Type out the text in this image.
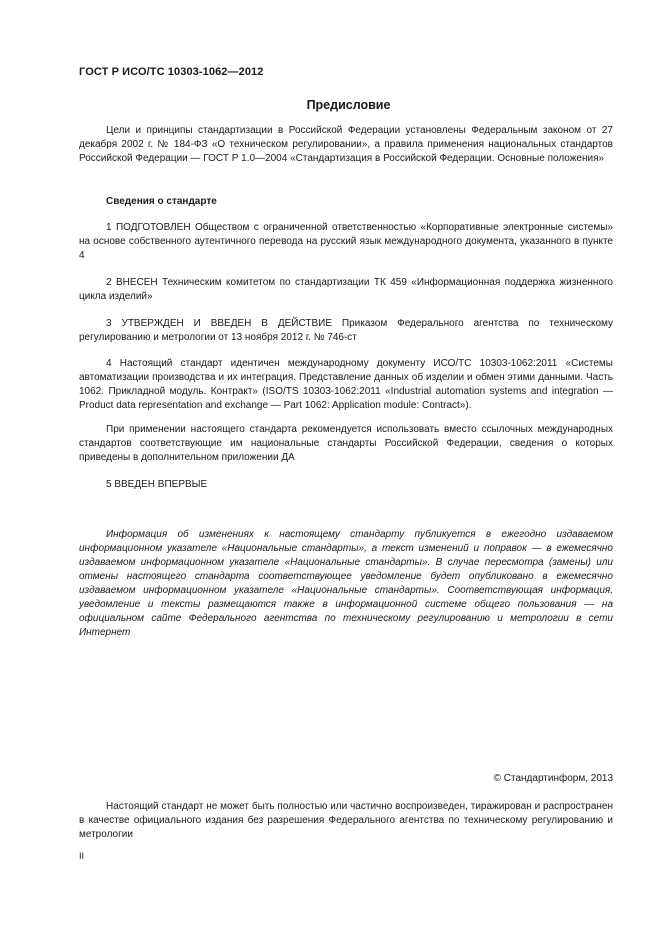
ГОСТ Р ИСО/ТС 10303-1062—2012
Предисловие

Цели и принципы стандартизации в Российской Федерации установлены Федеральным законом от 27 декабря 2002 г. № 184-ФЗ «О техническом регулировании», а правила применения национальных стандартов Российской Федерации — ГОСТ Р 1.0—2004 «Стандартизация в Российской Федерации. Основные положения»

Сведения о стандарте

1 ПОДГОТОВЛЕН Обществом с ограниченной ответственностью «Корпоративные электронные системы» на основе собственного аутентичного перевода на русский язык международного документа, указанного в пункте 4

2 ВНЕСЕН Техническим комитетом по стандартизации ТК 459 «Информационная поддержка жизненного цикла изделий»

3 УТВЕРЖДЕН И ВВЕДЕН В ДЕЙСТВИЕ Приказом Федерального агентства по техническому регулированию и метрологии от 13 ноября 2012 г. № 746-ст

4 Настоящий стандарт идентичен международному документу ИСО/ТС 10303-1062:2011 «Системы автоматизации производства и их интеграция. Представление данных об изделии и обмен этими данными. Часть 1062. Прикладной модуль. Контракт» (ISO/TS 10303-1062:2011 «Industrial automation systems and integration — Product data representation and exchange — Part 1062: Application module: Contract»).

При применении настоящего стандарта рекомендуется использовать вместо ссылочных международных стандартов соответствующие им национальные стандарты Российской Федерации, сведения о которых приведены в дополнительном приложении ДА

5 ВВЕДЕН ВПЕРВЫЕ

Информация об изменениях к настоящему стандарту публикуется в ежегодно издаваемом информационном указателе «Национальные стандарты», а текст изменений и поправок — в ежемесячно издаваемом информационном указателе «Национальные стандарты». В случае пересмотра (замены) или отмены настоящего стандарта соответствующее уведомление будет опубликовано в ежемесячно издаваемом информационном указателе «Национальные стандарты». Соответствующая информация, уведомление и тексты размещаются также в информационной системе общего пользования — на официальном сайте Федерального агентства по техническому регулированию и метрологии в сети Интернет

© Стандартинформ, 2013

Настоящий стандарт не может быть полностью или частично воспроизведен, тиражирован и распространен в качестве официального издания без разрешения Федерального агентства по техническому регулированию и метрологии

II
